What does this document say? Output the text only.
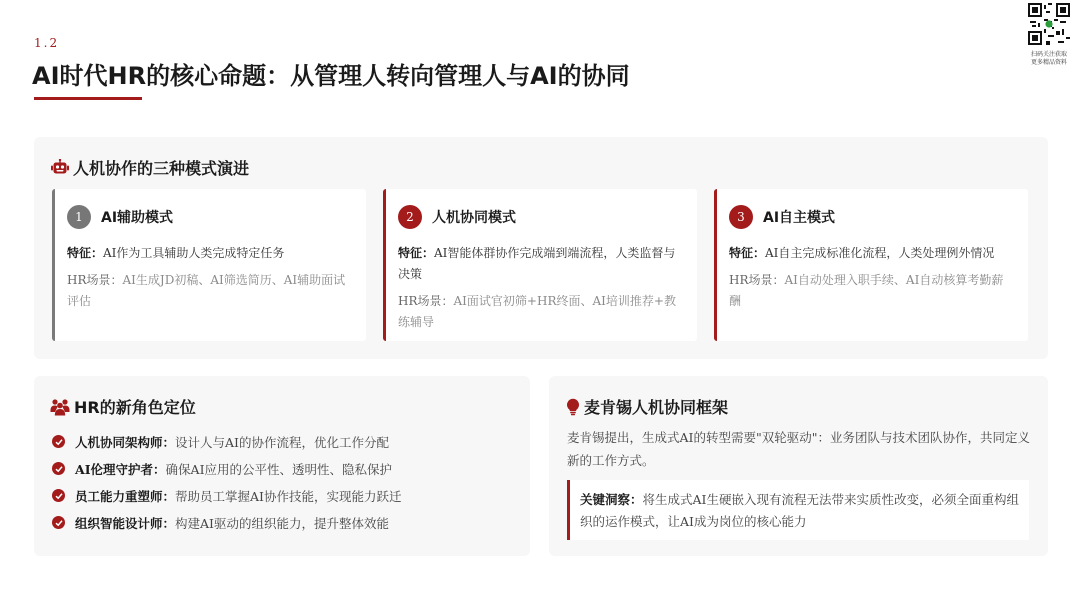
1.2
AI时代HR的核心命题：从管理人转向管理人与AI的协同
扫码关注获取
更多精品资料
人机协作的三种模式演进
1	AI辅助模式

特征：AI作为工具辅助人类完成特定任务

HR场景：AI生成JD初稿、AI筛选简历、AI辅助面试评估

2	人机协同模式

特征：AI智能体群协作完成端到端流程，人类监督与决策

HR场景：AI面试官初筛+HR终面、AI培训推荐+教练辅导

3	AI自主模式

特征：AI自主完成标准化流程，人类处理例外情况

HR场景：AI自动处理入职手续、AI自动核算考勤薪酬

HR的新角色定位
人机协同架构师： 设计人与AI的协作流程，优化工作分配
AI伦理守护者： 确保AI应用的公平性、透明性、隐私保护
员工能力重塑师： 帮助员工掌握AI协作技能，实现能力跃迁
组织智能设计师： 构建AI驱动的组织能力，提升整体效能
麦肯锡人机协同框架

麦肯锡提出，生成式AI的转型需要"双轮驱动"：业务团队与技术团队协作，共同定义新的工作方式。

关键洞察：将生成式AI生硬嵌入现有流程无法带来实质性改变，必须全面重构组织的运作模式，让AI成为岗位的核心能力
